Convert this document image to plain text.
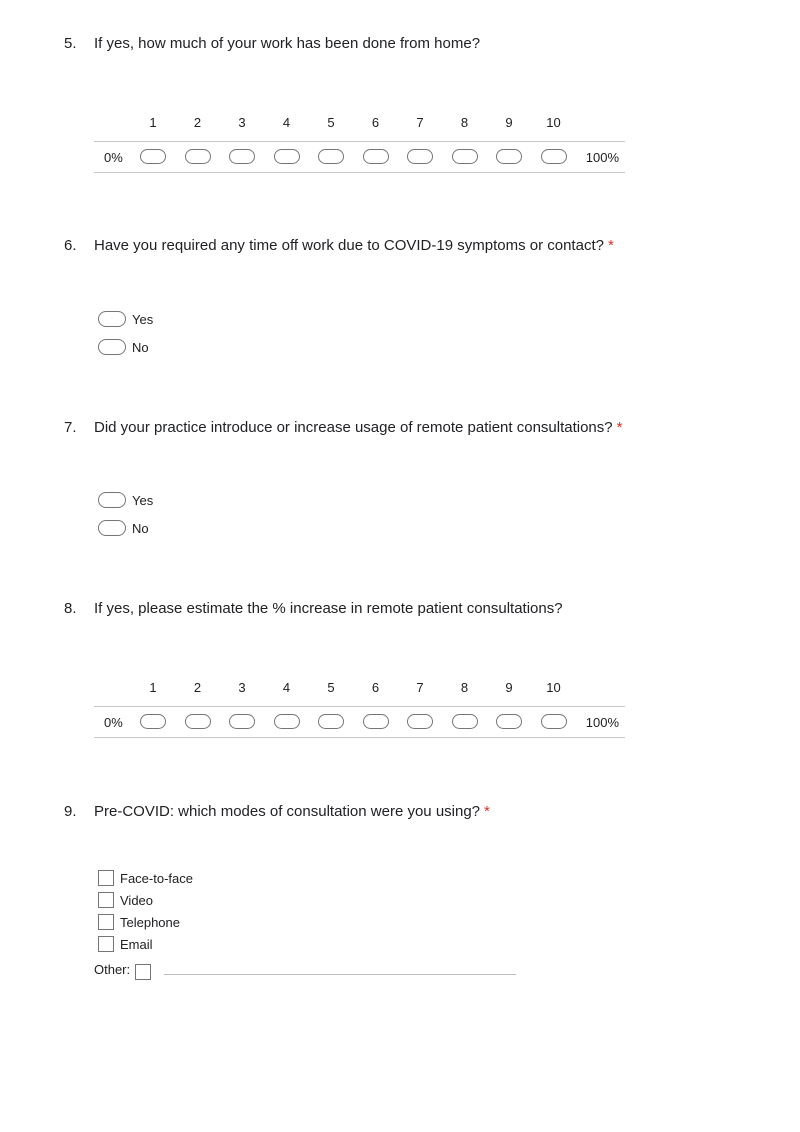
5. If yes, how much of your work has been done from home?
1	2	3	4	5	6	7	8	9	10
0%	100%
6. Have you required any time off work due to COVID-19 symptoms or contact? *
Yes
No
7. Did your practice introduce or increase usage of remote patient consultations? *
Yes
No
8. If yes, please estimate the % increase in remote patient consultations?
1	2	3	4	5	6	7	8	9	10
0%	100%
9. Pre-COVID: which modes of consultation were you using? *
Face-to-face
Video
Telephone
Email
Other:
